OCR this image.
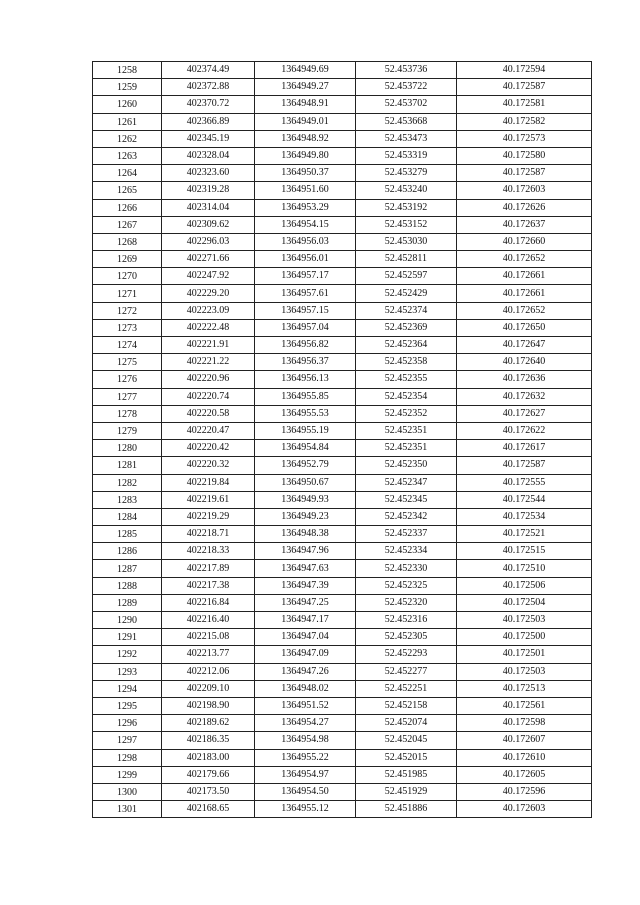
1258	402374.49	1364949.69	52.453736	40.172594
1259	402372.88	1364949.27	52.453722	40.172587
1260	402370.72	1364948.91	52.453702	40.172581
1261	402366.89	1364949.01	52.453668	40.172582
1262	402345.19	1364948.92	52.453473	40.172573
1263	402328.04	1364949.80	52.453319	40.172580
1264	402323.60	1364950.37	52.453279	40.172587
1265	402319.28	1364951.60	52.453240	40.172603
1266	402314.04	1364953.29	52.453192	40.172626
1267	402309.62	1364954.15	52.453152	40.172637
1268	402296.03	1364956.03	52.453030	40.172660
1269	402271.66	1364956.01	52.452811	40.172652
1270	402247.92	1364957.17	52.452597	40.172661
1271	402229.20	1364957.61	52.452429	40.172661
1272	402223.09	1364957.15	52.452374	40.172652
1273	402222.48	1364957.04	52.452369	40.172650
1274	402221.91	1364956.82	52.452364	40.172647
1275	402221.22	1364956.37	52.452358	40.172640
1276	402220.96	1364956.13	52.452355	40.172636
1277	402220.74	1364955.85	52.452354	40.172632
1278	402220.58	1364955.53	52.452352	40.172627
1279	402220.47	1364955.19	52.452351	40.172622
1280	402220.42	1364954.84	52.452351	40.172617
1281	402220.32	1364952.79	52.452350	40.172587
1282	402219.84	1364950.67	52.452347	40.172555
1283	402219.61	1364949.93	52.452345	40.172544
1284	402219.29	1364949.23	52.452342	40.172534
1285	402218.71	1364948.38	52.452337	40.172521
1286	402218.33	1364947.96	52.452334	40.172515
1287	402217.89	1364947.63	52.452330	40.172510
1288	402217.38	1364947.39	52.452325	40.172506
1289	402216.84	1364947.25	52.452320	40.172504
1290	402216.40	1364947.17	52.452316	40.172503
1291	402215.08	1364947.04	52.452305	40.172500
1292	402213.77	1364947.09	52.452293	40.172501
1293	402212.06	1364947.26	52.452277	40.172503
1294	402209.10	1364948.02	52.452251	40.172513
1295	402198.90	1364951.52	52.452158	40.172561
1296	402189.62	1364954.27	52.452074	40.172598
1297	402186.35	1364954.98	52.452045	40.172607
1298	402183.00	1364955.22	52.452015	40.172610
1299	402179.66	1364954.97	52.451985	40.172605
1300	402173.50	1364954.50	52.451929	40.172596
1301	402168.65	1364955.12	52.451886	40.172603
